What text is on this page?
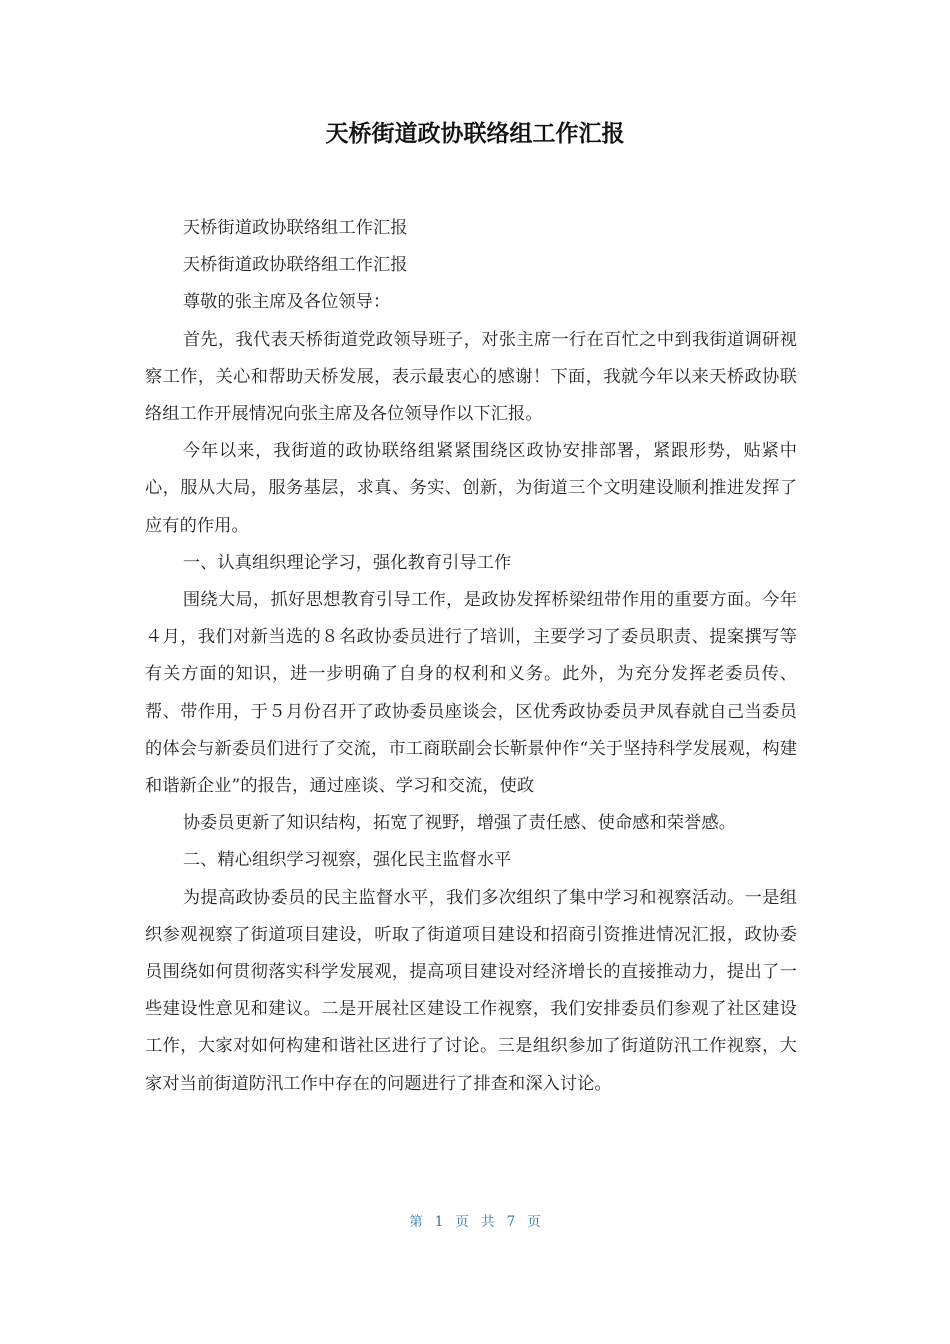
天桥街道政协联络组工作汇报

天桥街道政协联络组工作汇报

天桥街道政协联络组工作汇报

尊敬的张主席及各位领导：

首先，我代表天桥街道党政领导班子，对张主席一行在百忙之中到我街道调研视察工作，关心和帮助天桥发展，表示最衷心的感谢！下面，我就今年以来天桥政协联络组工作开展情况向张主席及各位领导作以下汇报。

今年以来，我街道的政协联络组紧紧围绕区政协安排部署，紧跟形势，贴紧中心，服从大局，服务基层，求真、务实、创新，为街道三个文明建设顺利推进发挥了应有的作用。

一、认真组织理论学习，强化教育引导工作

围绕大局，抓好思想教育引导工作，是政协发挥桥梁纽带作用的重要方面。今年４月，我们对新当选的８名政协委员进行了培训，主要学习了委员职责、提案撰写等有关方面的知识，进一步明确了自身的权利和义务。此外，为充分发挥老委员传、帮、带作用，于５月份召开了政协委员座谈会，区优秀政协委员尹凤春就自己当委员的体会与新委员们进行了交流，市工商联副会长靳景仲作“关于坚持科学发展观，构建和谐新企业”的报告，通过座谈、学习和交流，使政

协委员更新了知识结构，拓宽了视野，增强了责任感、使命感和荣誉感。

二、精心组织学习视察，强化民主监督水平

为提高政协委员的民主监督水平，我们多次组织了集中学习和视察活动。一是组织参观视察了街道项目建设，听取了街道项目建设和招商引资推进情况汇报，政协委员围绕如何贯彻落实科学发展观，提高项目建设对经济增长的直接推动力，提出了一些建设性意见和建议。二是开展社区建设工作视察，我们安排委员们参观了社区建设工作，大家对如何构建和谐社区进行了讨论。三是组织参加了街道防汛工作视察，大家对当前街道防汛工作中存在的问题进行了排查和深入讨论。

第 1 页 共 7 页
